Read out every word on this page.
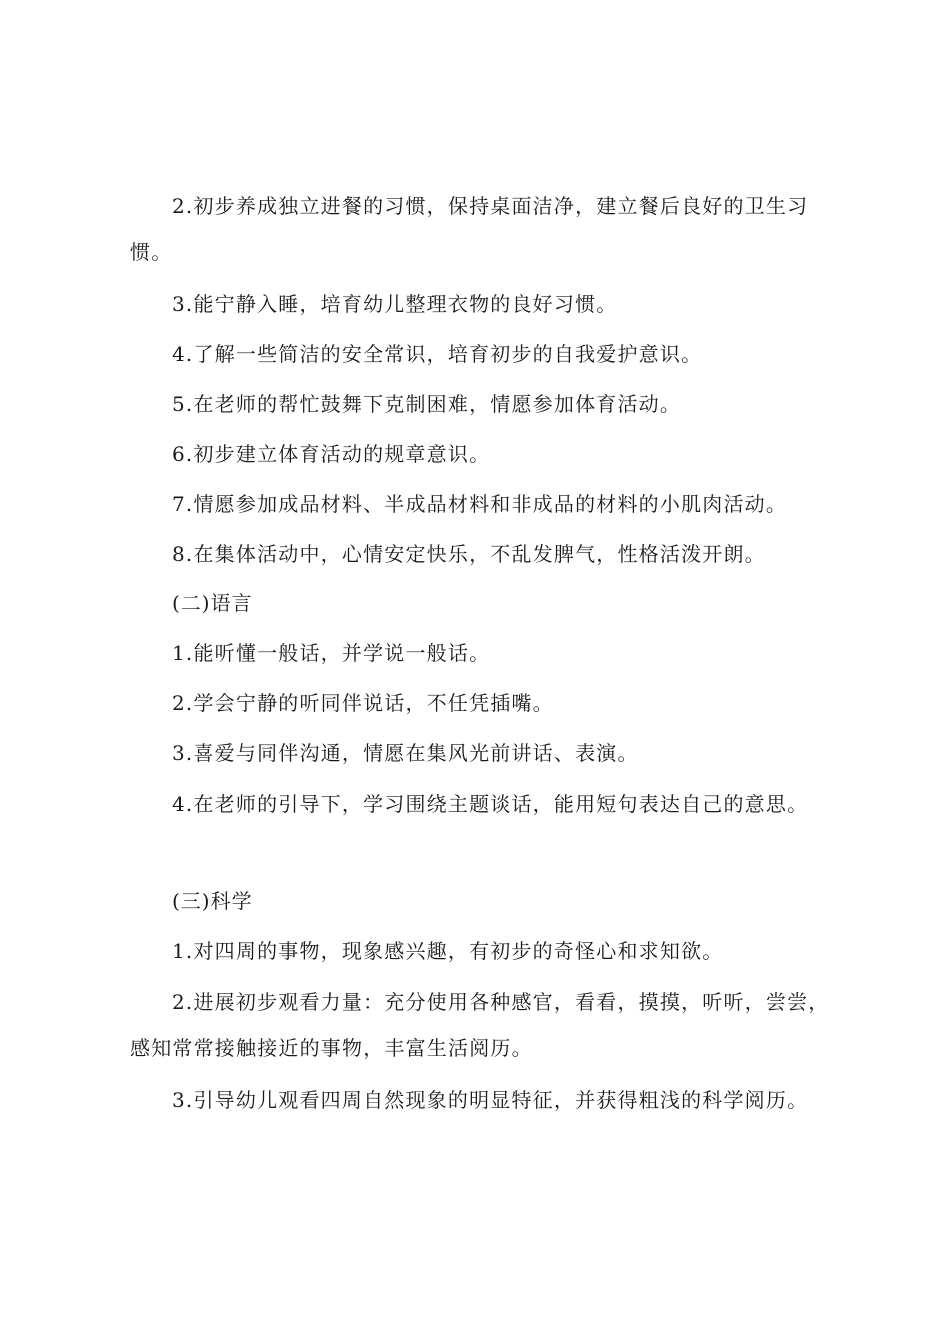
2.初步养成独立进餐的习惯，保持桌面洁净，建立餐后良好的卫生习惯。

3.能宁静入睡，培育幼儿整理衣物的良好习惯。

4.了解一些简洁的安全常识，培育初步的自我爱护意识。

5.在老师的帮忙鼓舞下克制困难，情愿参加体育活动。

6.初步建立体育活动的规章意识。

7.情愿参加成品材料、半成品材料和非成品的材料的小肌肉活动。

8.在集体活动中，心情安定快乐，不乱发脾气，性格活泼开朗。

(二)语言

1.能听懂一般话，并学说一般话。

2.学会宁静的听同伴说话，不任凭插嘴。

3.喜爱与同伴沟通，情愿在集风光前讲话、表演。

4.在老师的引导下，学习围绕主题谈话，能用短句表达自己的意思。

(三)科学

1.对四周的事物，现象感兴趣，有初步的奇怪心和求知欲。

2.进展初步观看力量：充分使用各种感官，看看，摸摸，听听，尝尝，感知常常接触接近的事物，丰富生活阅历。

3.引导幼儿观看四周自然现象的明显特征，并获得粗浅的科学阅历。
